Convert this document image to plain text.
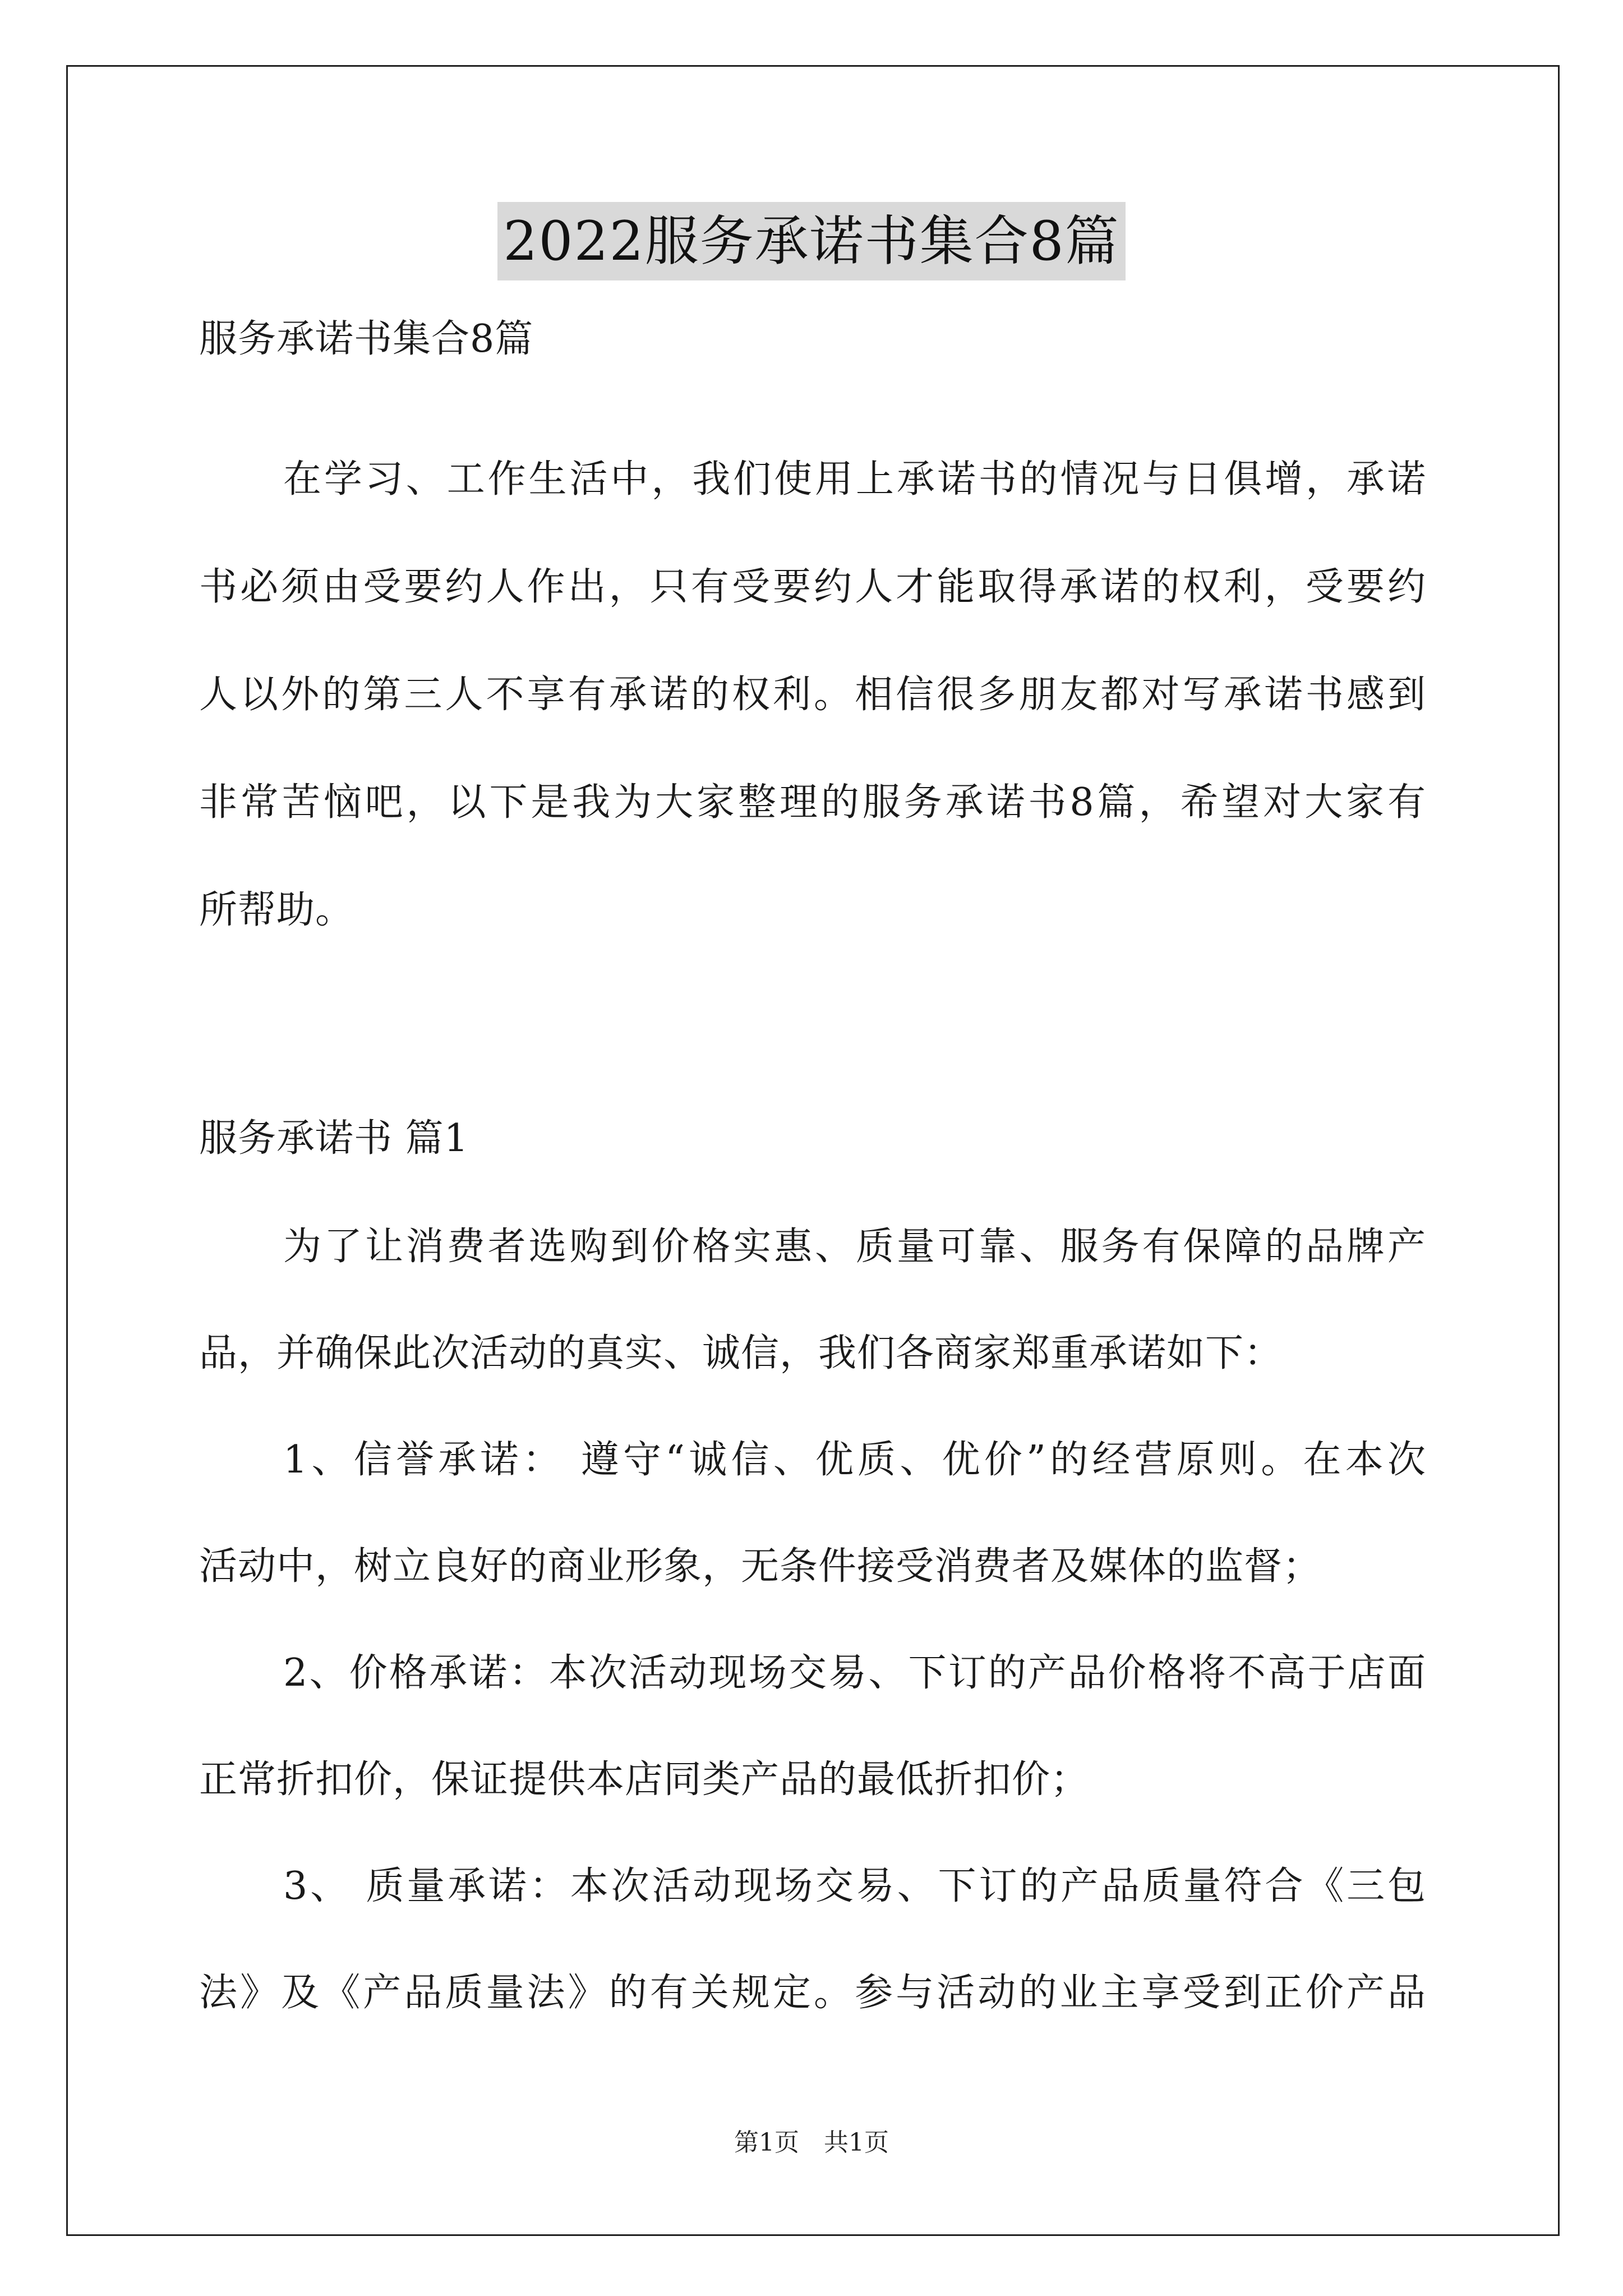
2022服务承诺书集合8篇
服务承诺书集合8篇
在学习、工作生活中，我们使用上承诺书的情况与日俱增，承诺
书必须由受要约人作出，只有受要约人才能取得承诺的权利，受要约
人以外的第三人不享有承诺的权利。相信很多朋友都对写承诺书感到
非常苦恼吧，以下是我为大家整理的服务承诺书8篇，希望对大家有
所帮助。
服务承诺书 篇1
为了让消费者选购到价格实惠、质量可靠、服务有保障的品牌产
品，并确保此次活动的真实、诚信，我们各商家郑重承诺如下：
1、信誉承诺： 遵守“诚信、优质、优价”的经营原则。在本次
活动中，树立良好的商业形象，无条件接受消费者及媒体的监督；
2、价格承诺：本次活动现场交易、下订的产品价格将不高于店面
正常折扣价，保证提供本店同类产品的最低折扣价；
第1页　共1页
3、 质量承诺：本次活动现场交易、下订的产品质量符合《三包
法》及《产品质量法》的有关规定。参与活动的业主享受到正价产品
